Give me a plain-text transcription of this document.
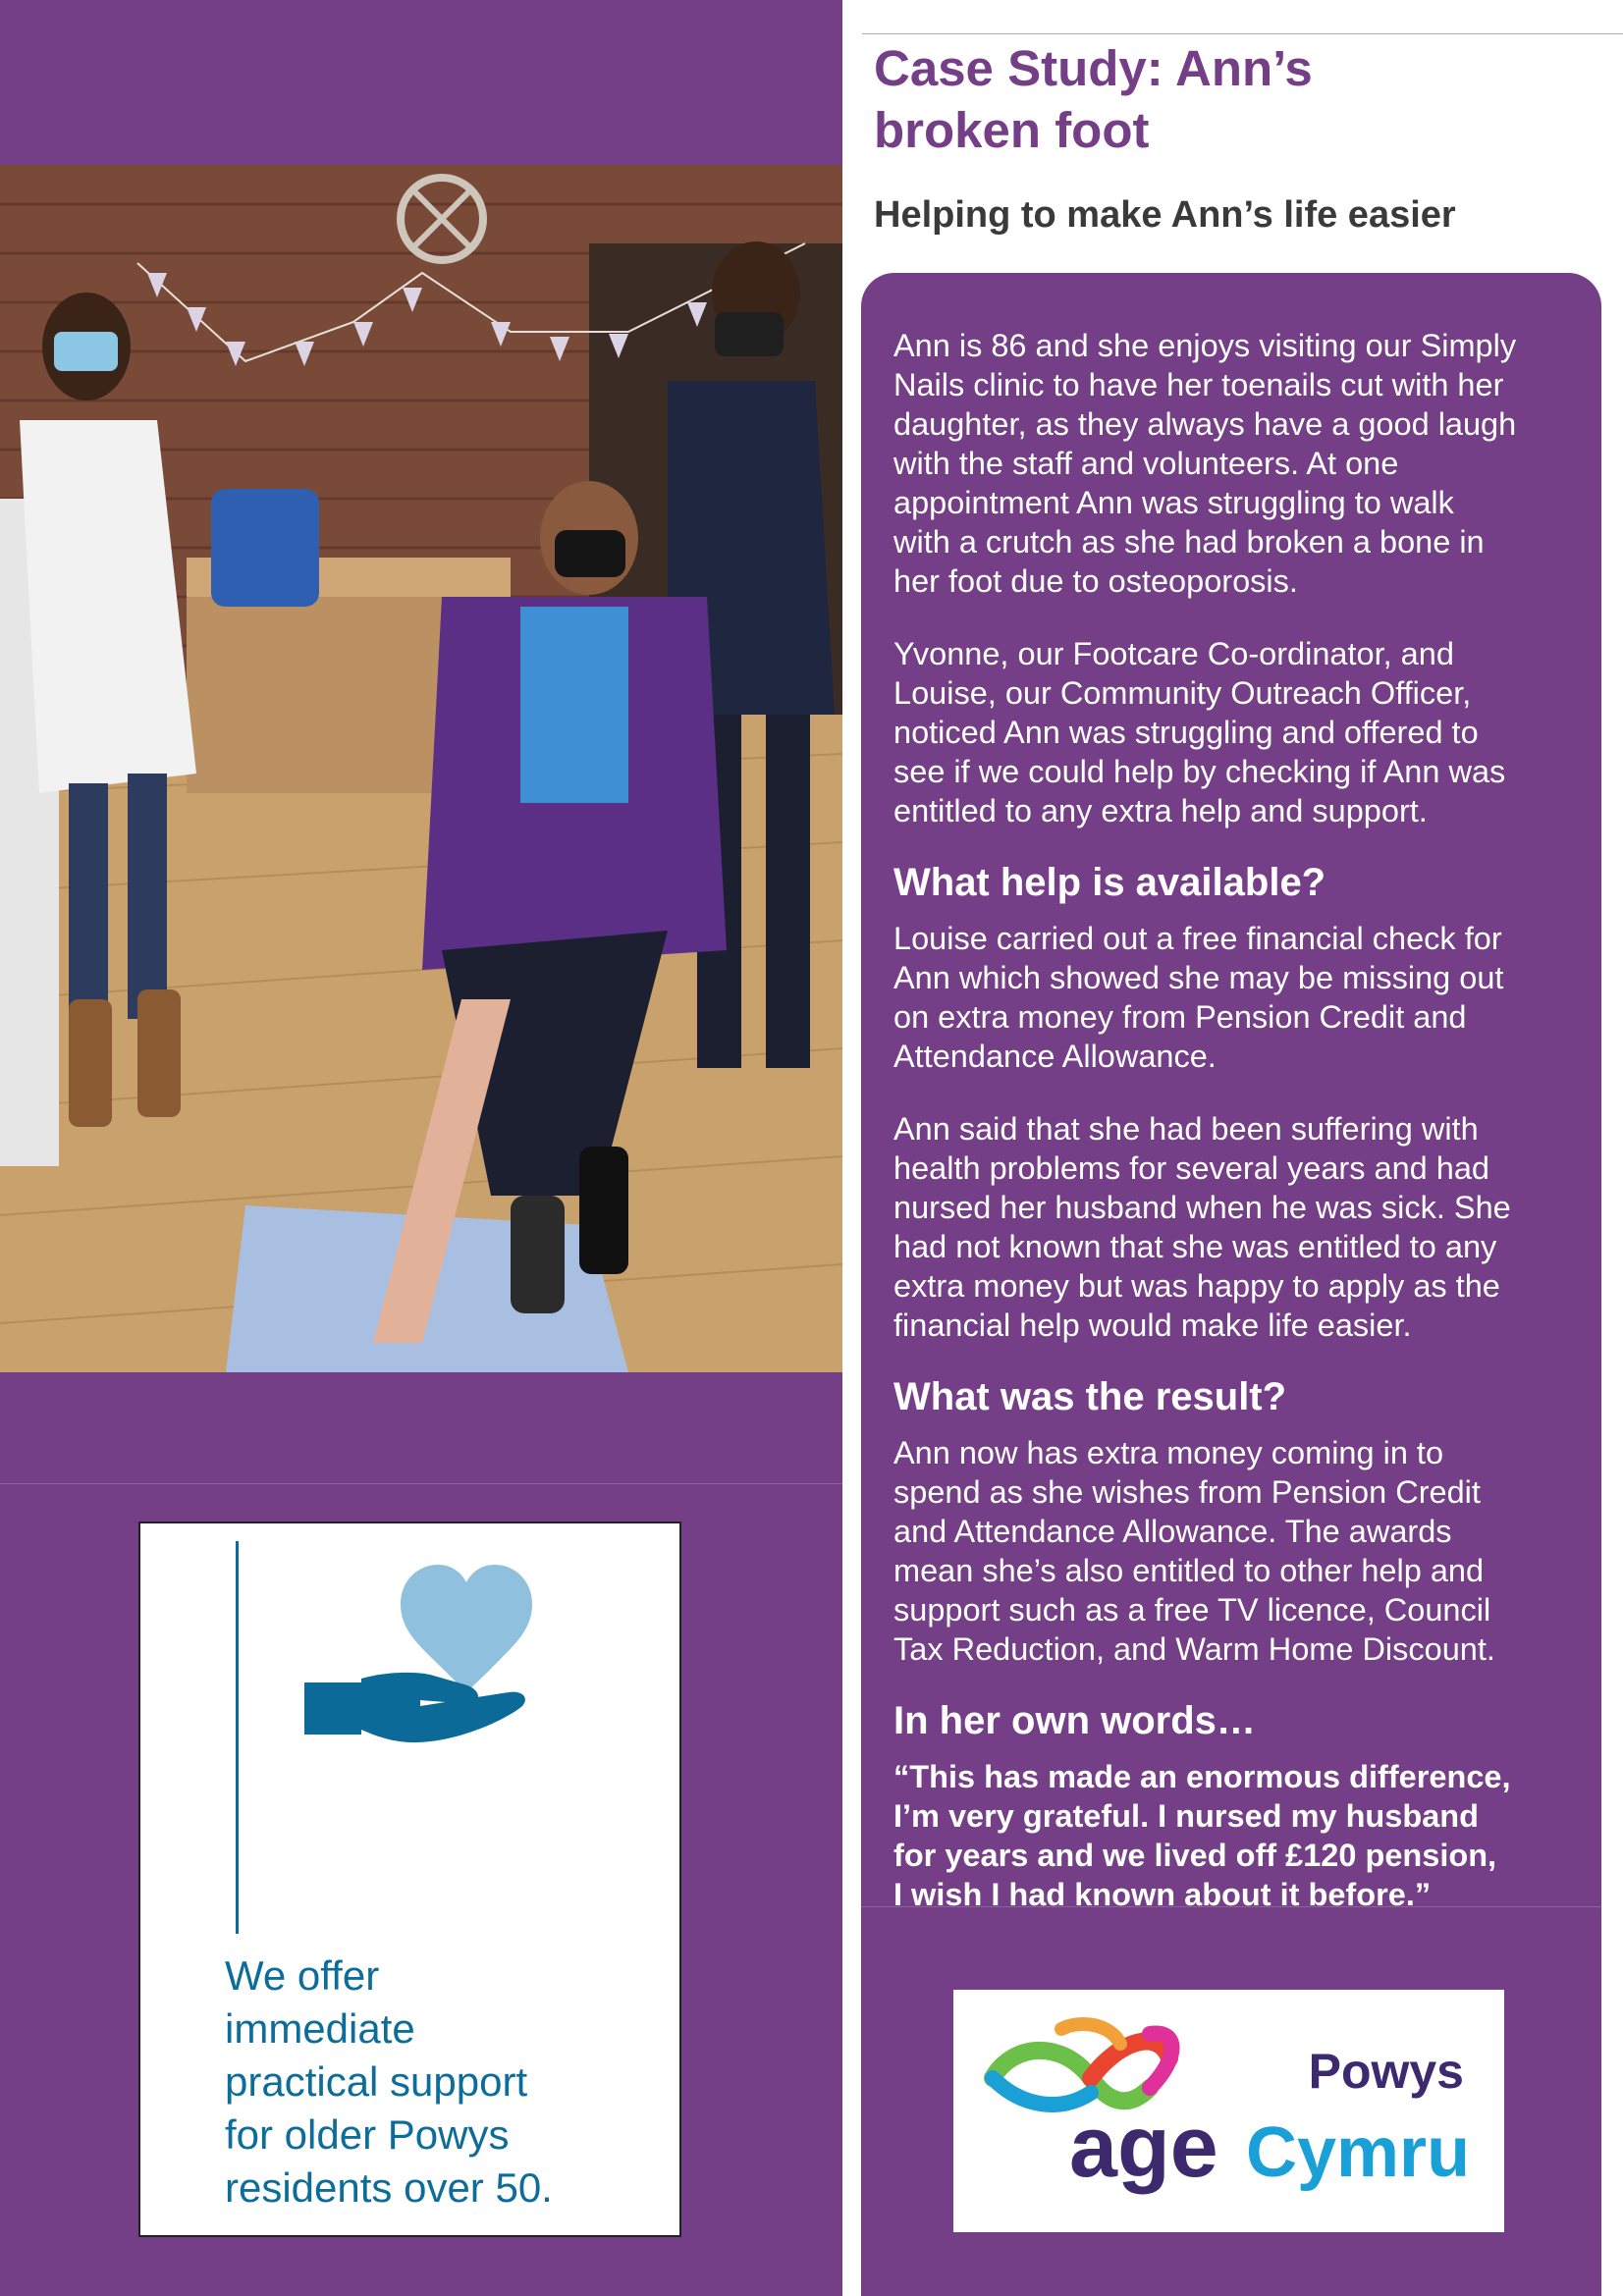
We offer
immediate
practical support
for older Powys
residents over 50.
Case Study: Ann’s
broken foot
Helping to make Ann’s life easier

Ann is 86 and she enjoys visiting our Simply
Nails clinic to have her toenails cut with her
daughter, as they always have a good laugh
with the staff and volunteers. At one
appointment Ann was struggling to walk
with a crutch as she had broken a bone in
her foot due to osteoporosis.

Yvonne, our Footcare Co-ordinator, and
Louise, our Community Outreach Officer,
noticed Ann was struggling and offered to
see if we could help by checking if Ann was
entitled to any extra help and support.

What help is available?

Louise carried out a free financial check for
Ann which showed she may be missing out
on extra money from Pension Credit and
Attendance Allowance.

Ann said that she had been suffering with
health problems for several years and had
nursed her husband when he was sick. She
had not known that she was entitled to any
extra money but was happy to apply as the
financial help would make life easier.

What was the result?

Ann now has extra money coming in to
spend as she wishes from Pension Credit
and Attendance Allowance. The awards
mean she’s also entitled to other help and
support such as a free TV licence, Council
Tax Reduction, and Warm Home Discount.

In her own words…

“This has made an enormous difference,
I’m very grateful. I nursed my husband
for years and we lived off £120 pension,
I wish I had known about it before.”

Powys
age Cymru
